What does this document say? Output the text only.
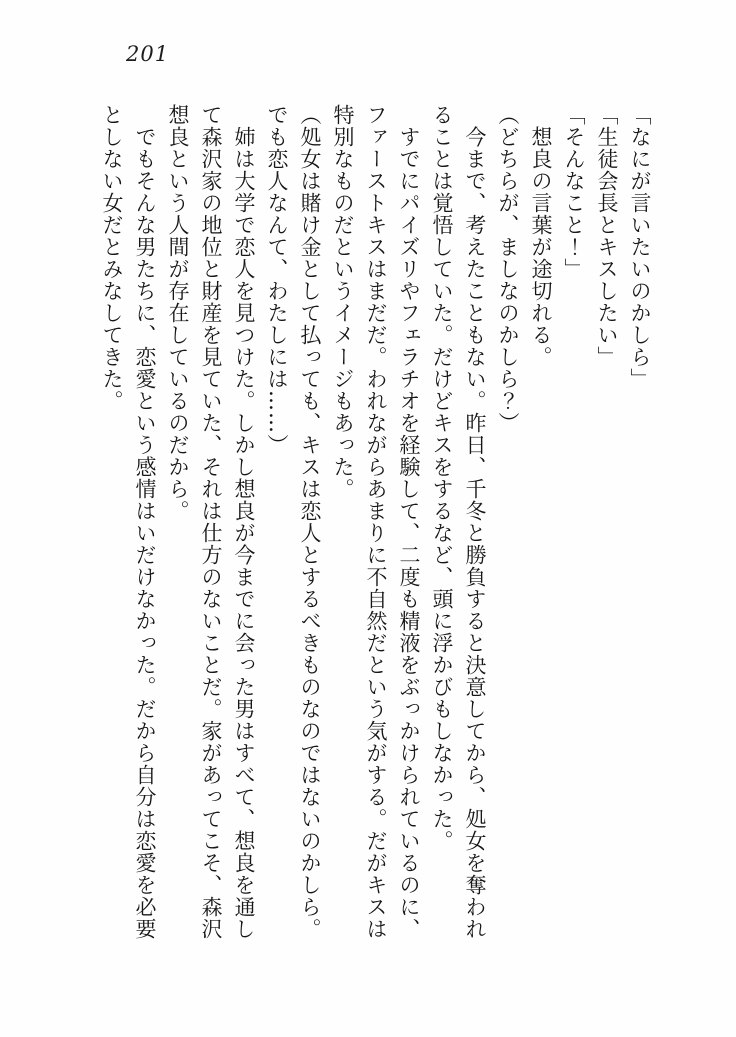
201

「なにが言いたいのかしら」

「生徒会長とキスしたい」

「そんなこと！」

想良の言葉が途切れる。

（どちらが、ましなのかしら？）

今まで、考えたこともない。昨日、千冬と勝負すると決意してから、処女を奪われることは覚悟していた。だけどキスをするなど、頭に浮かびもしなかった。

すでにパイズリやフェラチオを経験して、二度も精液をぶっかけられているのに、ファーストキスはまだだ。われながらあまりに不自然だという気がする。だがキスは特別なものだというイメージもあった。

（処女は賭け金として払っても、キスは恋人とするべきものなのではないのかしら。でも恋人なんて、わたしには……）

姉は大学で恋人を見つけた。しかし想良が今までに会った男はすべて、想良を通して森沢家の地位と財産を見ていた、それは仕方のないことだ。家があってこそ、森沢想良という人間が存在しているのだから。

でもそんな男たちに、恋愛という感情はいだけなかった。だから自分は恋愛を必要としない女だとみなしてきた。
